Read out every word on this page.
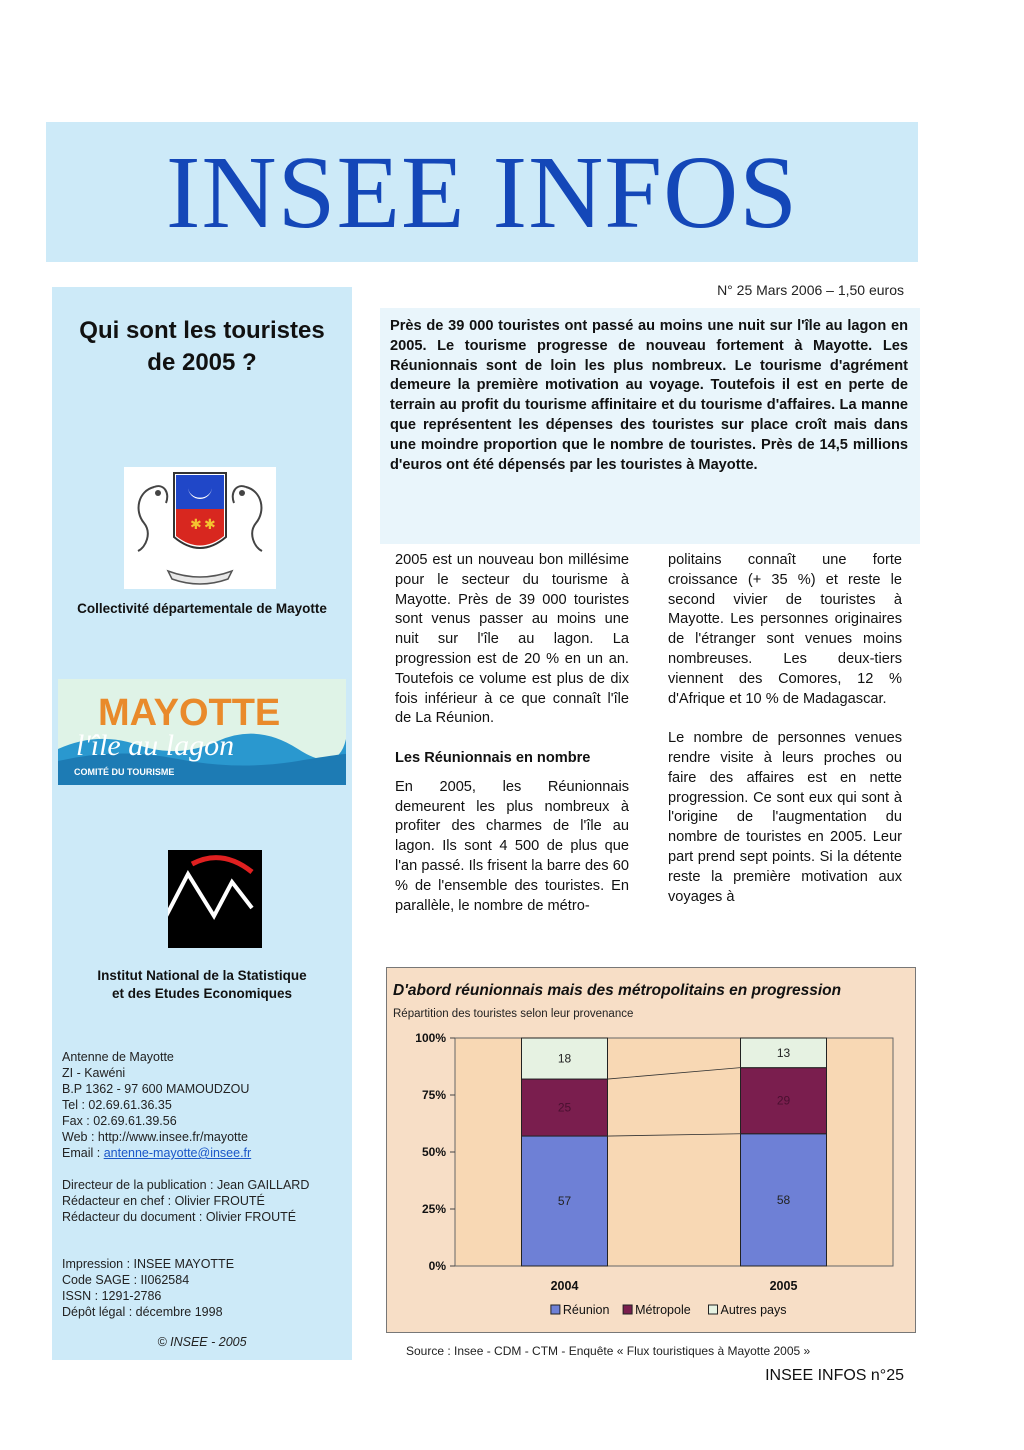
INSEE INFOS
N° 25 Mars 2006 – 1,50 euros
Qui sont les touristes
de 2005 ?
✱ ✱
Collectivité départementale de Mayotte
MAYOTTE
l'île au lagon
COMITÉ DU TOURISME
Institut National de la Statistique
et des Etudes Economiques
Antenne de Mayotte
ZI - Kawéni
B.P 1362 - 97 600 MAMOUDZOU
Tel : 02.69.61.36.35
Fax : 02.69.61.39.56
Web : http://www.insee.fr/mayotte
Email : antenne-mayotte@insee.fr
Directeur de la publication : Jean GAILLARD
Rédacteur en chef : Olivier FROUTÉ
Rédacteur du document : Olivier FROUTÉ
Impression : INSEE MAYOTTE
Code SAGE : II062584
ISSN : 1291-2786
Dépôt légal : décembre 1998
© INSEE - 2005
Près de 39 000 touristes ont passé au moins une nuit sur l'île au lagon en 2005. Le tourisme progresse de nouveau fortement à Mayotte. Les Réunionnais sont de loin les plus nombreux. Le tourisme d'agrément demeure la première motivation au voyage. Toutefois il est en perte de terrain au profit du tourisme affinitaire et du tourisme d'affaires. La manne que représentent les dépenses des touristes sur place croît mais dans une moindre proportion que le nombre de touristes. Près de 14,5 millions d'euros ont été dépensés par les touristes à Mayotte.

2005 est un nouveau bon millésime pour le secteur du tourisme à Mayotte. Près de 39 000 touristes sont venus passer au moins une nuit sur l'île au lagon. La progression est de 20 % en un an. Toutefois ce volume est plus de dix fois inférieur à ce que connaît l'île de La Réunion.

Les Réunionnais en nombre

En 2005, les Réunionnais demeurent les plus nombreux à profiter des charmes de l'île au lagon. Ils sont 4 500 de plus que l'an passé. Ils frisent la barre des 60 % de l'ensemble des touristes. En parallèle, le nombre de métro-

politains connaît une forte croissance (+ 35 %) et reste le second vivier de touristes à Mayotte. Les personnes originaires de l'étranger sont venues moins nombreuses. Les deux-tiers viennent des Comores, 12 % d'Afrique et 10 % de Madagascar.

Le nombre de personnes venues rendre visite à leurs proches ou faire des affaires est en nette progression. Ce sont eux qui sont à l'origine de l'augmentation du nombre de touristes en 2005. Leur part prend sept points. Si la détente reste la première motivation aux voyages à

D'abord réunionnais mais des métropolitains en progression
Répartition des touristes selon leur provenance
0%
25%
50%
75%
100%
57
25
18
2004
58
29
13
2005
Réunion Métropole Autres pays
Source : Insee - CDM - CTM - Enquête « Flux touristiques à Mayotte 2005 »
INSEE INFOS n°25
